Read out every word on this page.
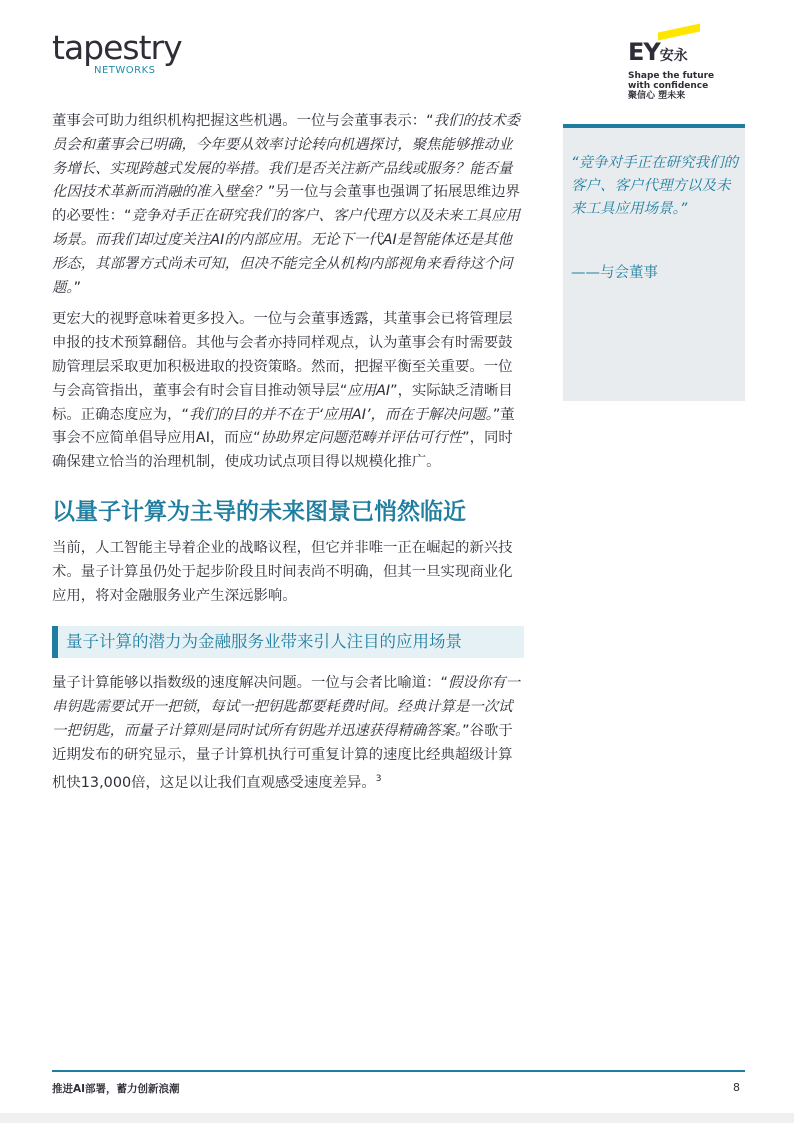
tapestry
NETWORKS
EY安永
Shape the future
with confidence
聚信心 塑未来

董事会可助力组织机构把握这些机遇。一位与会董事表示：“我们的技术委员会和董事会已明确，今年要从效率讨论转向机遇探讨，聚焦能够推动业务增长、实现跨越式发展的举措。我们是否关注新产品线或服务？能否量化因技术革新而消融的准入壁垒？”另一位与会董事也强调了拓展思维边界的必要性：“竞争对手正在研究我们的客户、客户代理方以及未来工具应用场景。而我们却过度关注AI的内部应用。无论下一代AI是智能体还是其他形态，其部署方式尚未可知，但决不能完全从机构内部视角来看待这个问题。”

更宏大的视野意味着更多投入。一位与会董事透露，其董事会已将管理层申报的技术预算翻倍。其他与会者亦持同样观点，认为董事会有时需要鼓励管理层采取更加积极进取的投资策略。然而，把握平衡至关重要。一位与会高管指出，董事会有时会盲目推动领导层“应用AI”，实际缺乏清晰目标。正确态度应为，“我们的目的并不在于‘应用AI’，而在于解决问题。”董事会不应简单倡导应用AI，而应“协助界定问题范畴并评估可行性”，同时确保建立恰当的治理机制，使成功试点项目得以规模化推广。

以量子计算为主导的未来图景已悄然临近

当前，人工智能主导着企业的战略议程，但它并非唯一正在崛起的新兴技术。量子计算虽仍处于起步阶段且时间表尚不明确，但其一旦实现商业化应用，将对金融服务业产生深远影响。

量子计算的潜力为金融服务业带来引人注目的应用场景

量子计算能够以指数级的速度解决问题。一位与会者比喻道：“假设你有一串钥匙需要试开一把锁，每试一把钥匙都要耗费时间。经典计算是一次试一把钥匙，而量子计算则是同时试所有钥匙并迅速获得精确答案。”谷歌于近期发布的研究显示，量子计算机执行可重复计算的速度比经典超级计算机快13,000倍，这足以让我们直观感受速度差异。$^3$

“竞争对手正在研究我们的客户、客户代理方以及未来工具应用场景。”
——与会董事
推进AI部署，蓄力创新浪潮	8
